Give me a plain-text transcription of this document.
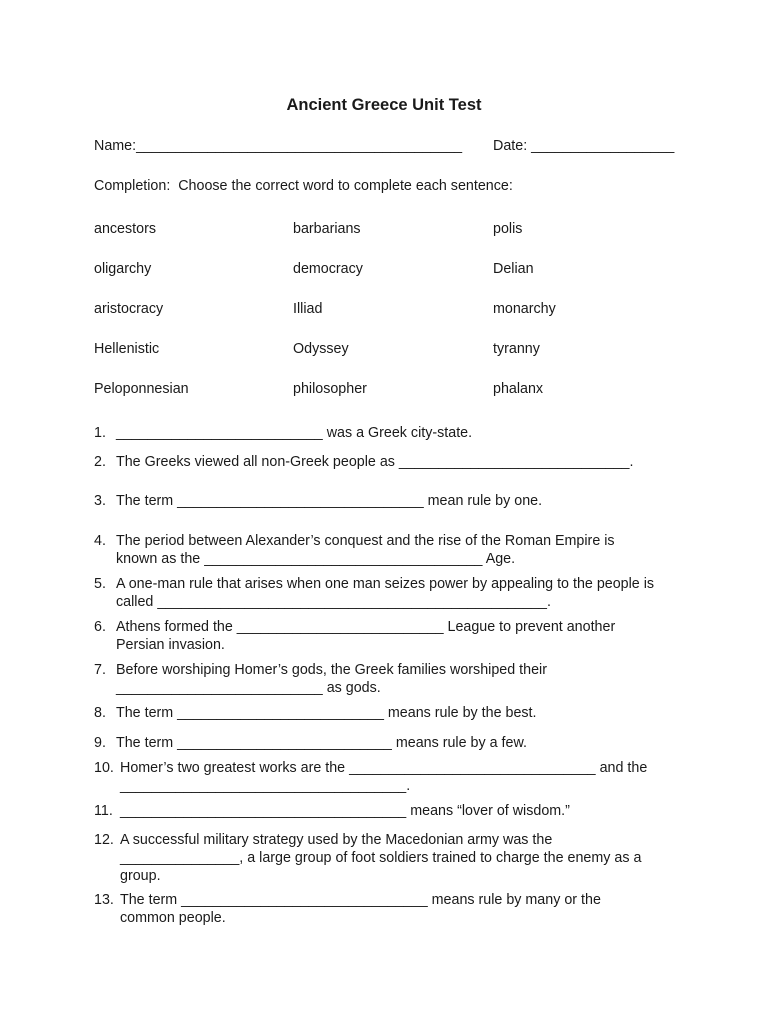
Ancient Greece Unit Test
Name:_________________________________________ Date: __________________
Completion:  Choose the correct word to complete each sentence:
ancestors	barbarians	polis
oligarchy	democracy	Delian
aristocracy	Illiad	monarchy
Hellenistic	Odyssey	tyranny
Peloponnesian	philosopher	phalanx
1. __________________________ was a Greek city-state.
2. The Greeks viewed all non-Greek people as _____________________________.
3. The term _______________________________ mean rule by one.
4. The period between Alexander’s conquest and the rise of the Roman Empire is
known as the ___________________________________ Age.
5. A one-man rule that arises when one man seizes power by appealing to the people is
called _________________________________________________.
6. Athens formed the __________________________ League to prevent another
Persian invasion.
7. Before worshiping Homer’s gods, the Greek families worshiped their
__________________________ as gods.
8. The term __________________________ means rule by the best.
9. The term ___________________________ means rule by a few.
10. Homer’s two greatest works are the _______________________________ and the
____________________________________.
11. ____________________________________ means “lover of wisdom.”
12. A successful military strategy used by the Macedonian army was the
_______________, a large group of foot soldiers trained to charge the enemy as a
group.
13. The term _______________________________ means rule by many or the
common people.
